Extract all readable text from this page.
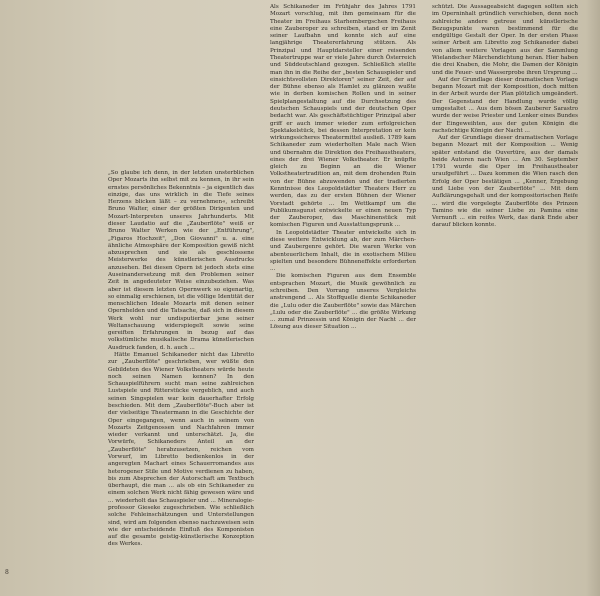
„So glaube ich denn, in der letzten unsterblichen Oper Mozarts ihn selbst mit zu kennen, in ihr sein ernstes persönliches Bekenntnis – ja eigentlich das einzige, das uns wirklich in die Tiefe seines Herzens blicken läßt – zu vernehmen«, schreibt Bruno Walter, einer der größten Dirigenten und Mozart-Interpreten unseres Jahrhunderts. Mit dieser Laudatio auf die „Zauberflöte" weiß er Bruno Walter Werken wie der „Entführung", „Figaros Hochzeit", „Don Giovanni" u. a. eine ähnliche Atmosphäre der Komposition gewiß nicht abzusprechen und sie als geschlossene Meisterwerke des künstlerischen Ausdrucks anzusehen. Bei diesen Opern ist jedoch stets eine Auseinandersetzung mit den Problemen seiner Zeit in angedeuteter Weise einzubeziehen. Was aber ist diesem letzten Opernwerk so eigenartig, so einmalig erschienen, ist die völlige Identität der menschlichen Ideale Mozarts mit denen seiner Opernhelden und die Tatsache, daß sich in diesem Werk wohl nur undisputierbar jene seiner Weltanschauung widerspiegelt sowie seine gereiften Erfahrungen in bezug auf das volkstümliche musikalische Drama künstlerischen Ausdruck fanden, d. h. auch ...

Hätte Emanuel Schikaneder nicht das Libretto zur „Zauberflöte" geschrieben, wer wüßte den Gebildeten des Wiener Volkstheaters würde heute noch seinen Namen kennen? In den Schauspielführern sucht man seine zahlreichen Lustspiele und Ritterstücke vergeblich, und auch seinen Singspielen war kein dauerhafter Erfolg beschieden. Mit dem „Zauberflöte"-Buch aber ist der vielseitige Theatermann in die Geschichte der Oper eingegangen, wenn auch in seinem von Mozarts Zeitgenossen und Nachfahren immer wieder verkannt und unterschätzt. Ja, die Vorwürfe, Schikaneders Anteil an der „Zauberflöte" herabzusetzen, reichen vom Vorwurf, im Libretto bedienkenlos in der angeregten Machart eines Schauerromandes aus heterogener Stile und Motive verdienen zu haben, bis zum Absprechen der Autorschaft am Textbuch überhaupt, die man ... als ob ein Schikaneder zu einem solchen Werk nicht fähig gewesen wäre und ... wiederholt das Schauspieler und ... Mineralogie-professor Gieseke zugeschrieben. Wie schließlich solche Fehleinschätzungen und Unterstellungen sind, wird am folgenden ebenso nachzuweisen sein wie der entscheidende Einfluß des Komponisten auf die gesamte geistig-künstlerische Konzeption des Werkes.

Als Schikaneder im Frühjahr des Jahres 1791 Mozart vorschlug, mit ihm gemeinsam für die Theater im Freihaus Starhembergschen Freihaus eine Zauberoper zu schreiben, stand er im Zenit seiner Laufbahn und konnte sich auf eine langjährige Theatererfahrung stützen. Als Prinzipal und Hauptdarsteller einer reisenden Theatertruppe war er viele Jahre durch Österreich und Süddeutschland gezogen. Schließlich stellte man ihn in die Reihe der „besten Schauspieler und einsichtsvollsten Direktoren" seiner Zeit, der auf der Bühne ebenso als Hamlet zu glänzen wußte wie in derben komischen Rollen und in seiner Spielplangestaltung auf die Durchsetzung des deutschen Schauspiels und der deutschen Oper bedacht war. Als geschäftstüchtiger Prinzipal aber griff er auch immer wieder zum erfolgreichen Spektakelstück, bei dessen Interpretation er kein wirkungssicheres Theatermittel ausließ. 1789 kam Schikaneder zum wiederholten Male nach Wien und übernahm die Direktion des Freihaustheaters, eines der drei Wiener Volkstheater. Er knüpfte gleich zu Beginn an die Wiener Volkstheatertradition an, mit dem drohenden Ruin von der Bühne abzuwenden und der tradierten Kenntnisse des Leopoldstädter Theaters Herr zu werden, das zu der ersten Bühnen der Wiener Vorstadt gehörte ... Im Wettkampf um die Publikumsgunst entwickelte er einen neuen Typ der Zauberoper, das Maschinenstück mit komischen Figuren und Ausstattungsprunk ...

In Leopoldstädter Theater entwickelte sich in diese weitere Entwicklung ab, der zum Märchen- und Zaubergenre gehört. Die waren Werke von abenteuerlichem Inhalt, die in exotischem Milieu spielten und besondere Bühneneffekte erforderten ...

Die komischen Figuren aus dem Ensemble entsprachen Mozart, die Musik gewöhnlich zu schreiben. Den Vorrang unseres Vergleichs anstrengend ... Als Stoffquelle diente Schikaneder die „Lulu oder die Zauberflöte" sowie das Märchen „Lulu oder die Zauberflöte" ... die größte Wirkung ... zumal Prinzessin und Königin der Nacht ... der Lösung aus dieser Situation ...

schützt. Die Aussageabsicht dagegen sollten sich im Operninhalt gründlich verschieben, denn noch zahlreiche andere getreue und künstlerische Bezugspunkte waren bestimmend für die endgültige Gestalt der Oper. In der ersten Phase seiner Arbeit am Libretto zog Schikaneder dabei von allem weitere Vorlagen aus der Sammlung Wielandscher Märchendichtung heran. Hier haben die drei Knaben, die Mohr, die Damen der Königin und die Feuer- und Wasserprobe ihren Ursprung ...

Auf der Grundlage dieser dramatischen Vorlage begann Mozart mit der Komposition, doch mitten in der Arbeit wurde der Plan plötzlich umgeändert. Der Gegenstand der Handlung wurde völlig umgestaltet ... Aus dem bösen Zauberer Sarastro wurde der weise Priester und Lenker eines Bundes der Eingeweihten, aus der guten Königin die rachsüchtige Königin der Nacht ...

Auf der Grundlage dieser dramatischen Vorlage begann Mozart mit der Komposition ... Wenig später entstand die Ouvertüre, aus der damals beide Autoren nach Wien ... Am 30. September 1791 wurde die Oper im Freihaustheater uraufgeführt ... Dazu kommen die Wien rasch den Erfolg der Oper bestätigen ... „Kenner, Ergebung und Liebe von der Zauberflöte" ... Mit dem Aufklärungsgehalt und der kompositorischen Reife ... wird die vorgelegte Zauberflöte des Prinzen Tamino wie die seiner Liebe zu Pamina eine Vernunft ... ein reifes Werk, das dank Ende aber darauf blicken konnte.

8
